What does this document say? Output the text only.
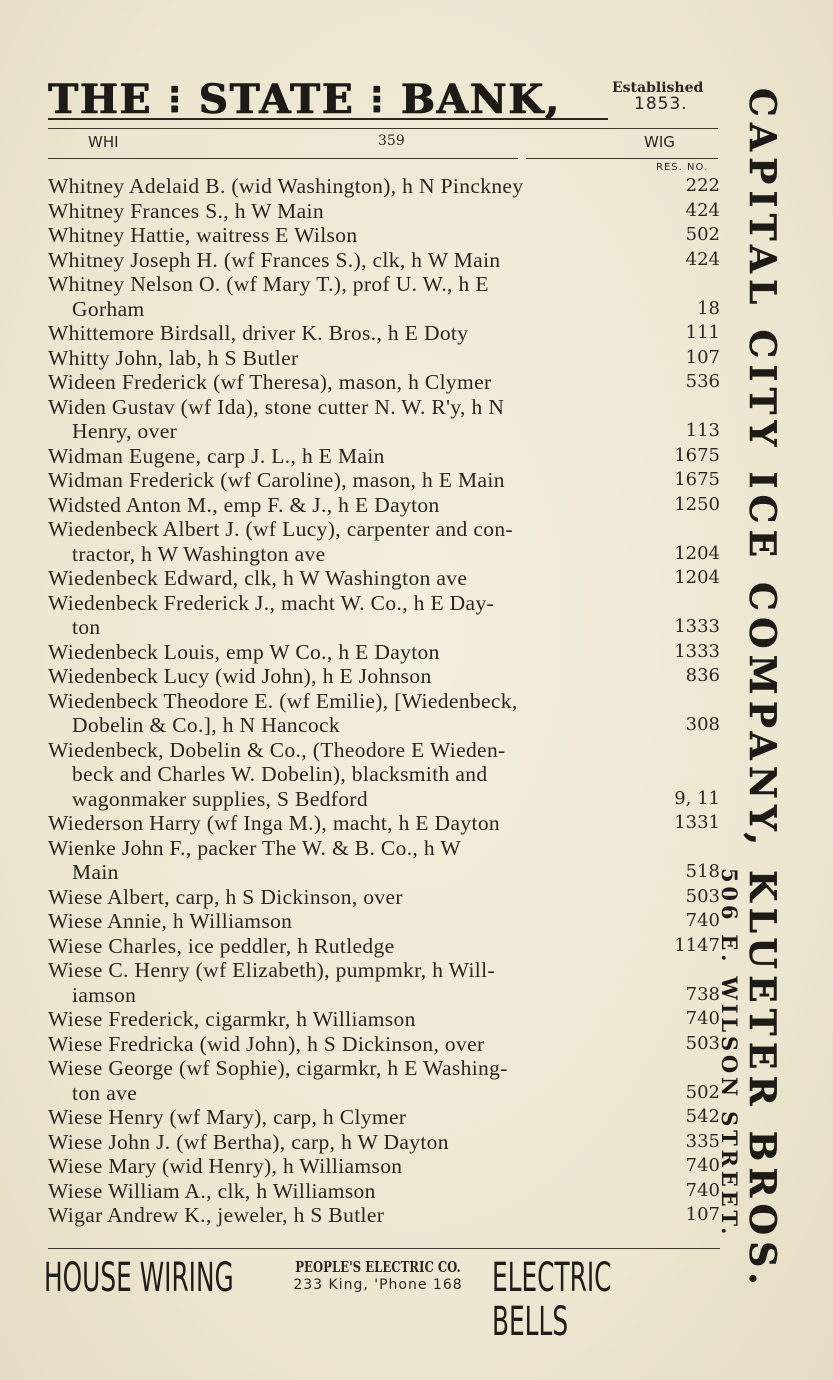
THE ⁝ STATE ⁝ BANK,	Established
1853.
WHI	359	WIG
RES. NO.
Whitney Adelaid B. (wid Washington), h N Pinckney	222
Whitney Frances S., h W Main	424
Whitney Hattie, waitress E Wilson	502
Whitney Joseph H. (wf Frances S.), clk, h W Main	424
Whitney Nelson O. (wf Mary T.), prof U. W., h E
Gorham	18
Whittemore Birdsall, driver K. Bros., h E Doty	111
Whitty John, lab, h S Butler	107
Wideen Frederick (wf Theresa), mason, h Clymer	536
Widen Gustav (wf Ida), stone cutter N. W. R'y, h N
Henry, over	113
Widman Eugene, carp J. L., h E Main	1675
Widman Frederick (wf Caroline), mason, h E Main	1675
Widsted Anton M., emp F. & J., h E Dayton	1250
Wiedenbeck Albert J. (wf Lucy), carpenter and con-
tractor, h W Washington ave	1204
Wiedenbeck Edward, clk, h W Washington ave	1204
Wiedenbeck Frederick J., macht W. Co., h E Day-
ton	1333
Wiedenbeck Louis, emp W Co., h E Dayton	1333
Wiedenbeck Lucy (wid John), h E Johnson	836
Wiedenbeck Theodore E. (wf Emilie), [Wiedenbeck,
Dobelin & Co.], h N Hancock	308
Wiedenbeck, Dobelin & Co., (Theodore E Wieden-
beck and Charles W. Dobelin), blacksmith and
wagonmaker supplies, S Bedford	9, 11
Wiederson Harry (wf Inga M.), macht, h E Dayton	1331
Wienke John F., packer The W. & B. Co., h W
Main	518
Wiese Albert, carp, h S Dickinson, over	503
Wiese Annie, h Williamson	740
Wiese Charles, ice peddler, h Rutledge	1147
Wiese C. Henry (wf Elizabeth), pumpmkr, h Will-
iamson	738
Wiese Frederick, cigarmkr, h Williamson	740
Wiese Fredricka (wid John), h S Dickinson, over	503
Wiese George (wf Sophie), cigarmkr, h E Washing-
ton ave	502
Wiese Henry (wf Mary), carp, h Clymer	542
Wiese John J. (wf Bertha), carp, h W Dayton	335
Wiese Mary (wid Henry), h Williamson	740
Wiese William A., clk, h Williamson	740
Wigar Andrew K., jeweler, h S Butler	107
HOUSE WIRING	PEOPLE'S ELECTRIC CO.
233 King, 'Phone 168 ELECTRIC BELLS
CAPITAL CITY ICE COMPANY, KLUETER BROS.
506 E. WILSON STREET.
